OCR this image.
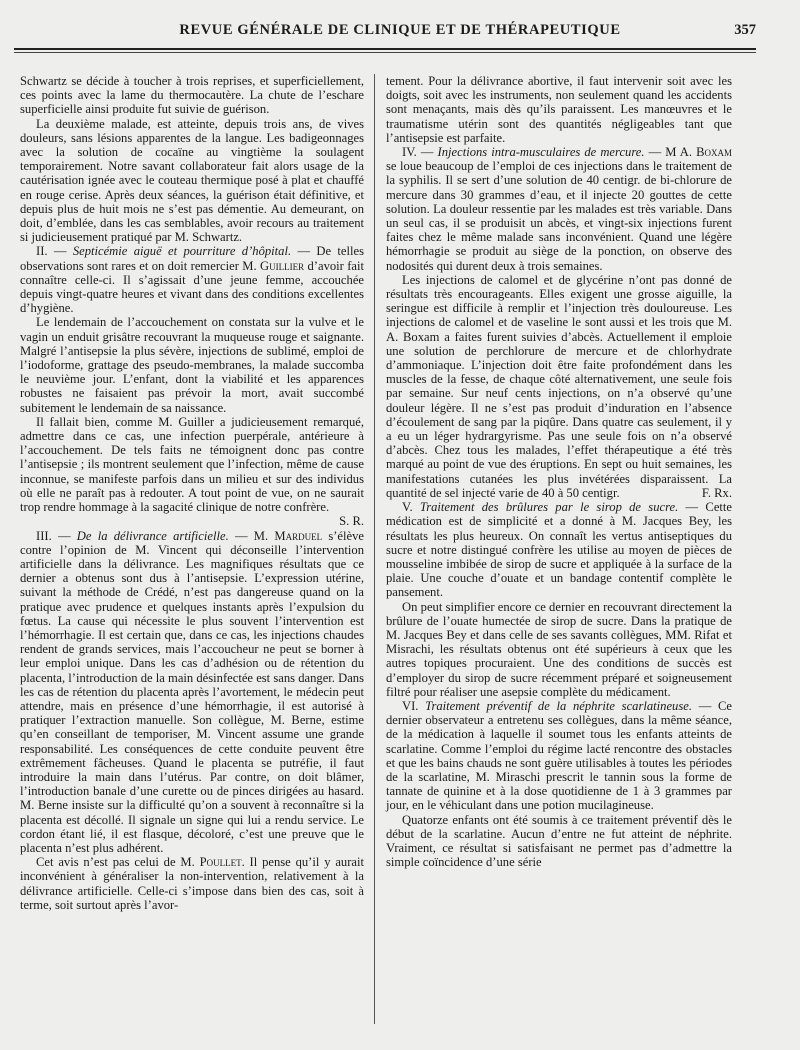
REVUE GÉNÉRALE DE CLINIQUE ET DE THÉRAPEUTIQUE	357

Schwartz se décide à toucher à trois reprises, et superficiellement, ces points avec la lame du thermocautère. La chute de l’eschare superficielle ainsi produite fut suivie de guérison.

La deuxième malade, est atteinte, depuis trois ans, de vives douleurs, sans lésions apparentes de la langue. Les badigeonnages avec la solution de cocaïne au vingtième la soulagent temporairement. Notre savant collaborateur fait alors usage de la cautérisation ignée avec le couteau thermique posé à plat et chauffé en rouge cerise. Après deux séances, la guérison était définitive, et depuis plus de huit mois ne s’est pas démentie. Au demeurant, on doit, d’emblée, dans les cas semblables, avoir recours au traitement si judicieusement pratiqué par M. Schwartz.

II. — Septicémie aiguë et pourriture d’hôpital. — De telles observations sont rares et on doit remercier M. Guillier d’avoir fait connaître celle-ci. Il s’agissait d’une jeune femme, accouchée depuis vingt-quatre heures et vivant dans des conditions excellentes d’hygiène.

Le lendemain de l’accouchement on constata sur la vulve et le vagin un enduit grisâtre recouvrant la muqueuse rouge et saignante. Malgré l’antisepsie la plus sévère, injections de sublimé, emploi de l’iodoforme, grattage des pseudo-membranes, la malade succomba le neuvième jour. L’enfant, dont la viabilité et les apparences robustes ne faisaient pas prévoir la mort, avait succombé subitement le lendemain de sa naissance.

Il fallait bien, comme M. Guiller a judicieusement remarqué, admettre dans ce cas, une infection puerpérale, antérieure à l’accouchement. De tels faits ne témoignent donc pas contre l’antisepsie ; ils montrent seulement que l’infection, même de cause inconnue, se manifeste parfois dans un milieu et sur des individus où elle ne paraît pas à redouter. A tout point de vue, on ne saurait trop rendre hommage à la sagacité clinique de notre confrère.
S. R.

III. — De la délivrance artificielle. — M. Marduel s’élève contre l’opinion de M. Vincent qui déconseille l’intervention artificielle dans la délivrance. Les magnifiques résultats que ce dernier a obtenus sont dus à l’antisepsie. L’expression utérine, suivant la méthode de Crédé, n’est pas dangereuse quand on la pratique avec prudence et quelques instants après l’expulsion du fœtus. La cause qui nécessite le plus souvent l’intervention est l’hémorrhagie. Il est certain que, dans ce cas, les injections chaudes rendent de grands services, mais l’accoucheur ne peut se borner à leur emploi unique. Dans les cas d’adhésion ou de rétention du placenta, l’introduction de la main désinfectée est sans danger. Dans les cas de rétention du placenta après l’avortement, le médecin peut attendre, mais en présence d’une hémorrhagie, il est autorisé à pratiquer l’extraction manuelle. Son collègue, M. Berne, estime qu’en conseillant de temporiser, M. Vincent assume une grande responsabilité. Les conséquences de cette conduite peuvent être extrêmement fâcheuses. Quand le placenta se putréfie, il faut introduire la main dans l’utérus. Par contre, on doit blâmer, l’introduction banale d’une curette ou de pinces dirigées au hasard. M. Berne insiste sur la difficulté qu’on a souvent à reconnaître si la placenta est décollé. Il signale un signe qui lui a rendu service. Le cordon étant lié, il est flasque, décoloré, c’est une preuve que le placenta n’est plus adhérent.

Cet avis n’est pas celui de M. Poullet. Il pense qu’il y aurait inconvénient à généraliser la non-intervention, relativement à la délivrance artificielle. Celle-ci s’impose dans bien des cas, soit à terme, soit surtout après l’avor-

tement. Pour la délivrance abortive, il faut intervenir soit avec les doigts, soit avec les instruments, non seulement quand les accidents sont menaçants, mais dès qu’ils paraissent. Les manœuvres et le traumatisme utérin sont des quantités négligeables tant que l’antisepsie est parfaite.

IV. — Injections intra-musculaires de mercure. — M A. Boxam se loue beaucoup de l’emploi de ces injections dans le traitement de la syphilis. Il se sert d’une solution de 40 centigr. de bi-chlorure de mercure dans 30 grammes d’eau, et il injecte 20 gouttes de cette solution. La douleur ressentie par les malades est très variable. Dans un seul cas, il se produisit un abcès, et vingt-six injections furent faites chez le même malade sans inconvénient. Quand une légère hémorrhagie se produit au siège de la ponction, on observe des nodosités qui durent deux à trois semaines.

Les injections de calomel et de glycérine n’ont pas donné de résultats très encourageants. Elles exigent une grosse aiguille, la seringue est difficile à remplir et l’injection très douloureuse. Les injections de calomel et de vaseline le sont aussi et les trois que M. A. Boxam a faites furent suivies d’abcès. Actuellement il emploie une solution de perchlorure de mercure et de chlorhydrate d’ammoniaque. L’injection doit être faite profondément dans les muscles de la fesse, de chaque côté alternativement, une seule fois par semaine. Sur neuf cents injections, on n’a observé qu’une douleur légère. Il ne s’est pas produit d’induration en l’absence d’écoulement de sang par la piqûre. Dans quatre cas seulement, il y a eu un léger hydrargyrisme. Pas une seule fois on n’a observé d’abcès. Chez tous les malades, l’effet thérapeutique a été très marqué au point de vue des éruptions. En sept ou huit semaines, les manifestations cutanées les plus invétérées disparaissent. La quantité de sel injecté varie de 40 à 50 centigr.	F. Rx.

V. Traitement des brûlures par le sirop de sucre. — Cette médication est de simplicité et a donné à M. Jacques Bey, les résultats les plus heureux. On connaît les vertus antiseptiques du sucre et notre distingué confrère les utilise au moyen de pièces de mousseline imbibée de sirop de sucre et appliquée à la surface de la plaie. Une couche d’ouate et un bandage contentif complète le pansement.

On peut simplifier encore ce dernier en recouvrant directement la brûlure de l’ouate humectée de sirop de sucre. Dans la pratique de M. Jacques Bey et dans celle de ses savants collègues, MM. Rifat et Misrachi, les résultats obtenus ont été supérieurs à ceux que les autres topiques procuraient. Une des conditions de succès est d’employer du sirop de sucre récemment préparé et soigneusement filtré pour réaliser une asepsie complète du médicament.

VI. Traitement préventif de la néphrite scarlatineuse. — Ce dernier observateur a entretenu ses collègues, dans la même séance, de la médication à laquelle il soumet tous les enfants atteints de scarlatine. Comme l’emploi du régime lacté rencontre des obstacles et que les bains chauds ne sont guère utilisables à toutes les périodes de la scarlatine, M. Miraschi prescrit le tannin sous la forme de tannate de quinine et à la dose quotidienne de 1 à 3 grammes par jour, en le véhiculant dans une potion mucilagineuse.

Quatorze enfants ont été soumis à ce traitement préventif dès le début de la scarlatine. Aucun d’entre ne fut atteint de néphrite. Vraiment, ce résultat si satisfaisant ne permet pas d’admettre la simple coïncidence d’une série
